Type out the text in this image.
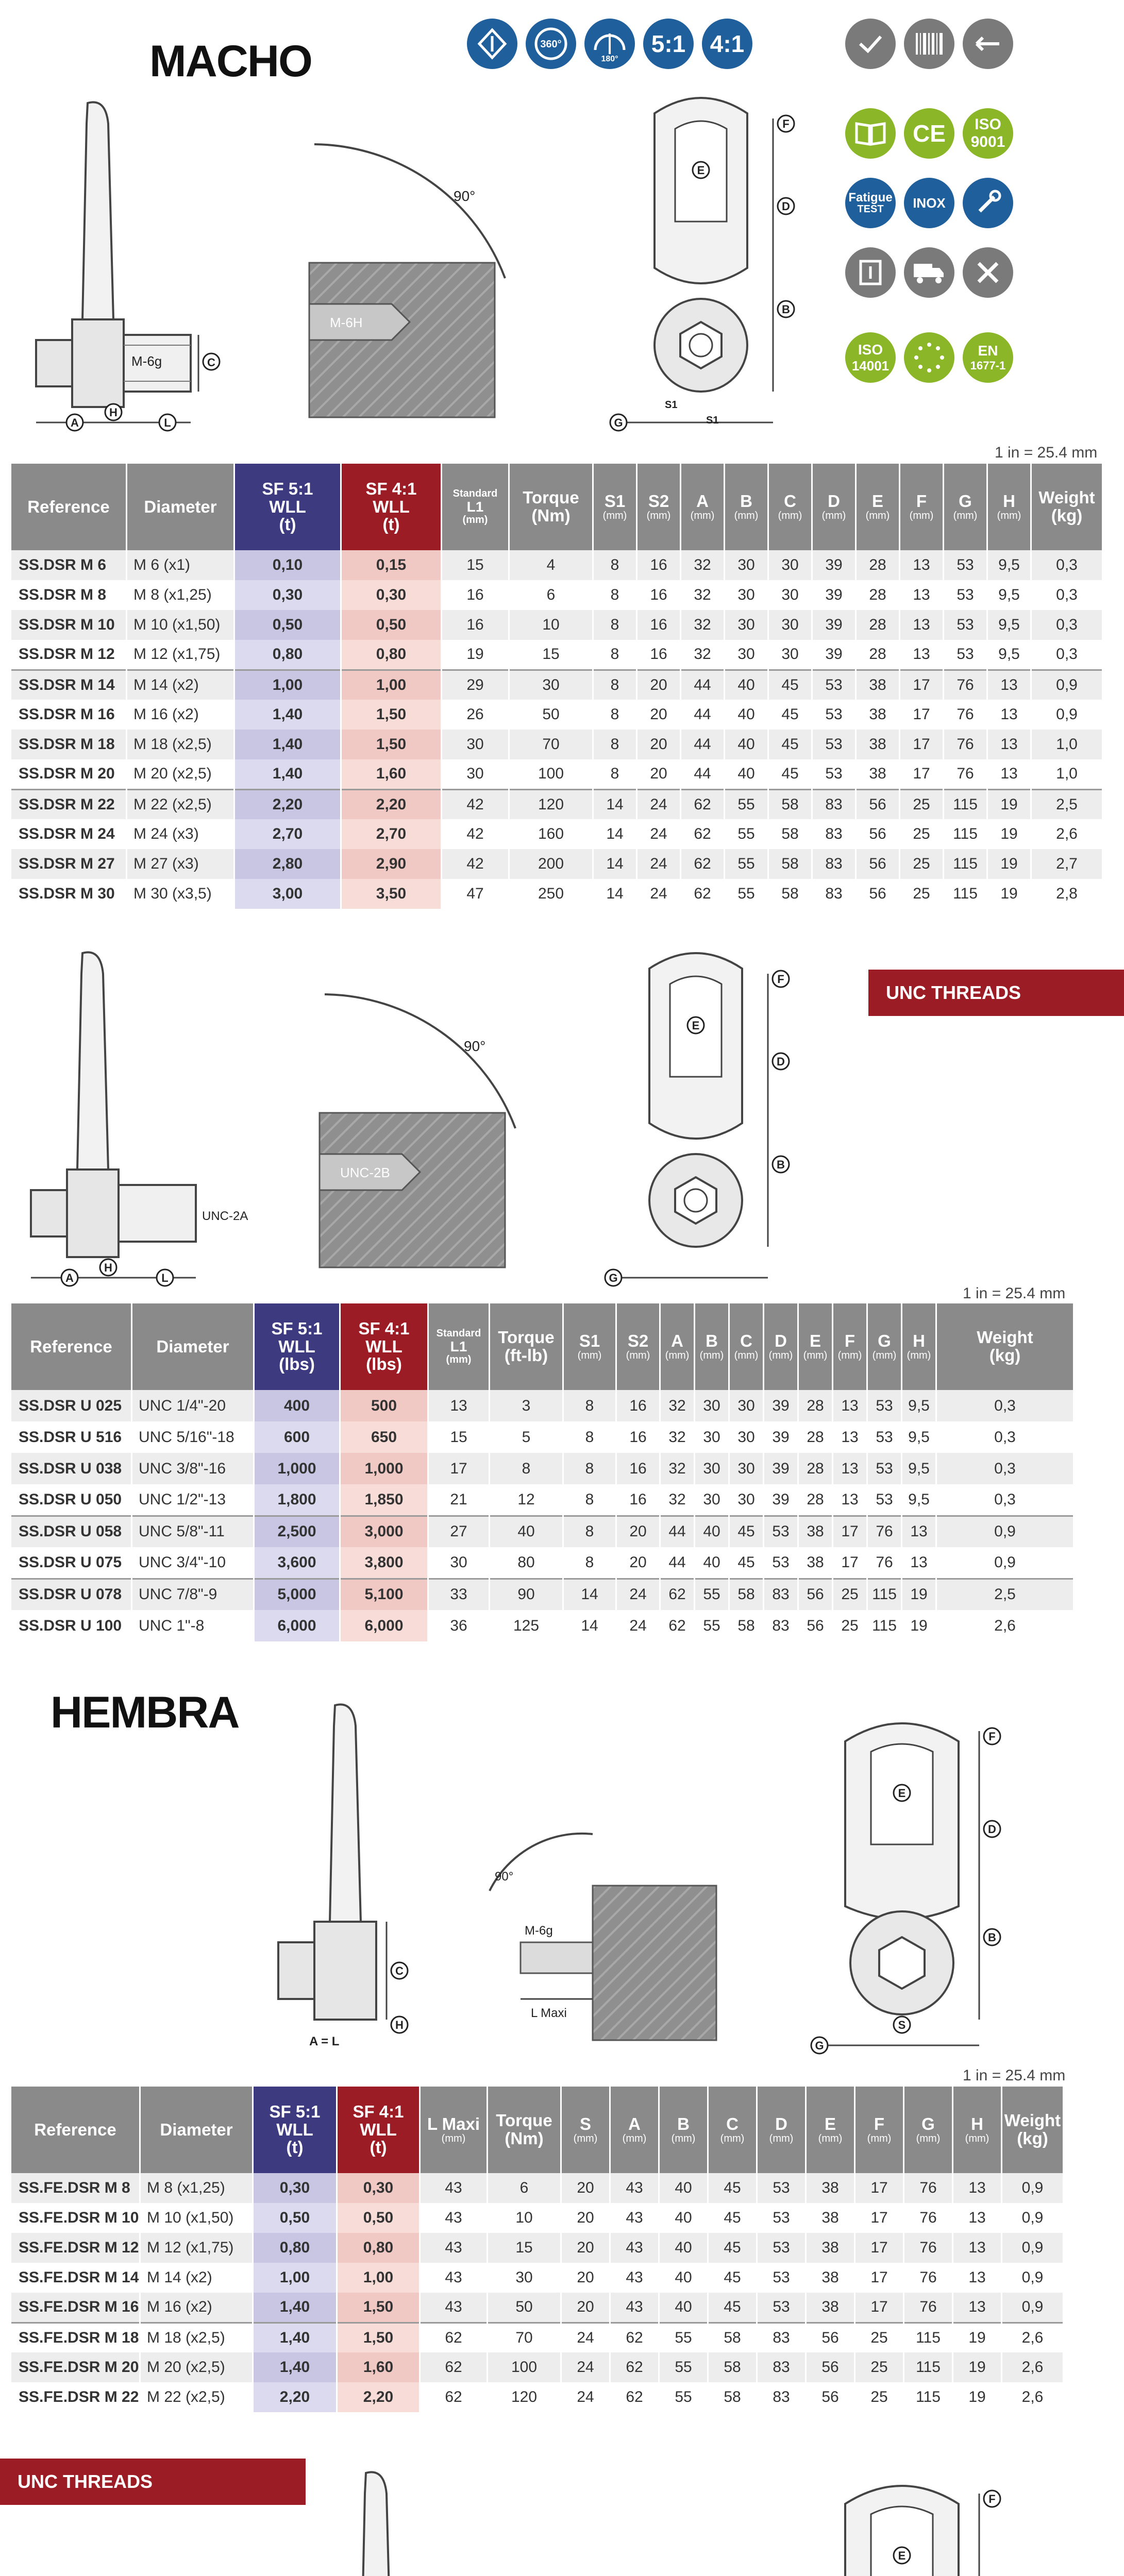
MACHO
HEMBRA
UNC THREADS
UNC THREADS
360°
180°
5:1 4:1
CE ISO
9001
Fatigue
TEST INOX
ISO
14001
EN
1677-1
M-6g	C
A
H
L
90°
M-6H
E
F
D
B
G
S1
S1
1 in = 25.4 mm
Reference	Diameter	SF 5:1
WLL
(t)	SF 4:1
WLL
(t)	Standard
L1
(mm)	Torque
(Nm)	S1
(mm)	S2
(mm)	A
(mm)	B
(mm)	C
(mm)	D
(mm)	E
(mm)	F
(mm)	G
(mm)	H
(mm)	Weight
(kg)
SS.DSR M 6	M 6 (x1)	0,10	0,15	15	4	8	16	32	30	30	39	28	13	53	9,5	0,3
SS.DSR M 8	M 8 (x1,25)	0,30	0,30	16	6	8	16	32	30	30	39	28	13	53	9,5	0,3
SS.DSR M 10	M 10 (x1,50)	0,50	0,50	16	10	8	16	32	30	30	39	28	13	53	9,5	0,3
SS.DSR M 12	M 12 (x1,75)	0,80	0,80	19	15	8	16	32	30	30	39	28	13	53	9,5	0,3
SS.DSR M 14	M 14 (x2)	1,00	1,00	29	30	8	20	44	40	45	53	38	17	76	13	0,9
SS.DSR M 16	M 16 (x2)	1,40	1,50	26	50	8	20	44	40	45	53	38	17	76	13	0,9
SS.DSR M 18	M 18 (x2,5)	1,40	1,50	30	70	8	20	44	40	45	53	38	17	76	13	1,0
SS.DSR M 20	M 20 (x2,5)	1,40	1,60	30	100	8	20	44	40	45	53	38	17	76	13	1,0
SS.DSR M 22	M 22 (x2,5)	2,20	2,20	42	120	14	24	62	55	58	83	56	25	115	19	2,5
SS.DSR M 24	M 24 (x3)	2,70	2,70	42	160	14	24	62	55	58	83	56	25	115	19	2,6
SS.DSR M 27	M 27 (x3)	2,80	2,90	42	200	14	24	62	55	58	83	56	25	115	19	2,7
SS.DSR M 30	M 30 (x3,5)	3,00	3,50	47	250	14	24	62	55	58	83	56	25	115	19	2,8
UNC-2A
A
H
L
90°
UNC-2B
E
F
D
B
G
1 in = 25.4 mm
Reference	Diameter	SF 5:1
WLL
(lbs)	SF 4:1
WLL
(lbs)	Standard
L1
(mm)	Torque
(ft-lb)	S1
(mm)	S2
(mm)	A
(mm)	B
(mm)	C
(mm)	D
(mm)	E
(mm)	F
(mm)	G
(mm)	H
(mm)	Weight
(kg)
SS.DSR U 025	UNC 1/4"-20	400	500	13	3	8	16	32	30	30	39	28	13	53	9,5	0,3
SS.DSR U 516	UNC 5/16"-18	600	650	15	5	8	16	32	30	30	39	28	13	53	9,5	0,3
SS.DSR U 038	UNC 3/8"-16	1,000	1,000	17	8	8	16	32	30	30	39	28	13	53	9,5	0,3
SS.DSR U 050	UNC 1/2"-13	1,800	1,850	21	12	8	16	32	30	30	39	28	13	53	9,5	0,3
SS.DSR U 058	UNC 5/8"-11	2,500	3,000	27	40	8	20	44	40	45	53	38	17	76	13	0,9
SS.DSR U 075	UNC 3/4"-10	3,600	3,800	30	80	8	20	44	40	45	53	38	17	76	13	0,9
SS.DSR U 078	UNC 7/8"-9	5,000	5,100	33	90	14	24	62	55	58	83	56	25	115	19	2,5
SS.DSR U 100	UNC 1"-8	6,000	6,000	36	125	14	24	62	55	58	83	56	25	115	19	2,6
C
H
A = L
90°
M-6g
L Maxi
E
F
D
B
S
G
1 in = 25.4 mm
Reference	Diameter	SF 5:1
WLL
(t)	SF 4:1
WLL
(t)	L Maxi
(mm)	Torque
(Nm)	S
(mm)	A
(mm)	B
(mm)	C
(mm)	D
(mm)	E
(mm)	F
(mm)	G
(mm)	H
(mm)	Weight
(kg)
SS.FE.DSR M 8	M 8 (x1,25)	0,30	0,30	43	6	20	43	40	45	53	38	17	76	13	0,9
SS.FE.DSR M 10	M 10 (x1,50)	0,50	0,50	43	10	20	43	40	45	53	38	17	76	13	0,9
SS.FE.DSR M 12	M 12 (x1,75)	0,80	0,80	43	15	20	43	40	45	53	38	17	76	13	0,9
SS.FE.DSR M 14	M 14 (x2)	1,00	1,00	43	30	20	43	40	45	53	38	17	76	13	0,9
SS.FE.DSR M 16	M 16 (x2)	1,40	1,50	43	50	20	43	40	45	53	38	17	76	13	0,9
SS.FE.DSR M 18	M 18 (x2,5)	1,40	1,50	62	70	24	62	55	58	83	56	25	115	19	2,6
SS.FE.DSR M 20	M 20 (x2,5)	1,40	1,60	62	100	24	62	55	58	83	56	25	115	19	2,6
SS.FE.DSR M 22	M 22 (x2,5)	2,20	2,20	62	120	24	62	55	58	83	56	25	115	19	2,6
E
F
